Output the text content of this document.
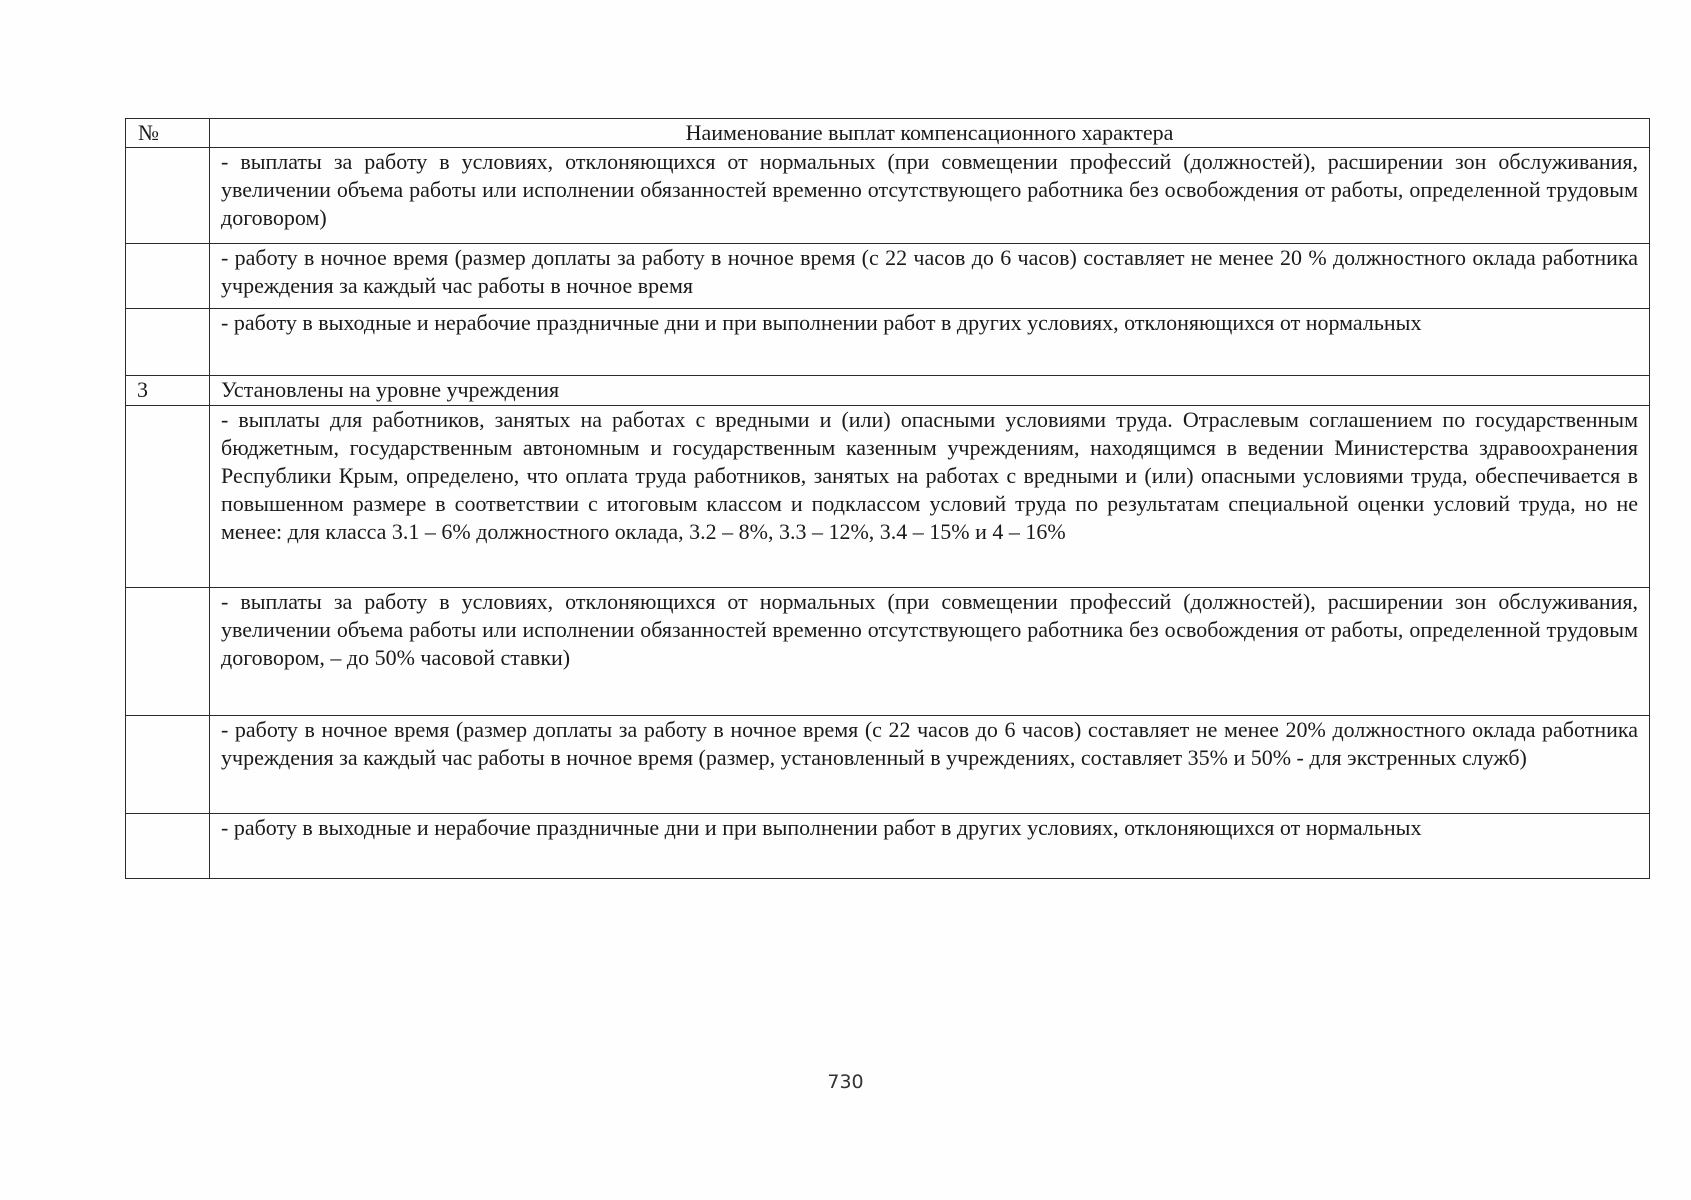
№	Наименование выплат компенсационного характера
	- выплаты за работу в условиях, отклоняющихся от нормальных (при совмещении профессий (должностей), расширении зон обслуживания, увеличении объема работы или исполнении обязанностей временно отсутствующего работника без освобождения от работы, определенной трудовым договором)
	- работу в ночное время (размер доплаты за работу в ночное время (с 22 часов до 6 часов) составляет не менее 20 % должностного оклада работника учреждения за каждый час работы в ночное время
	- работу в выходные и нерабочие праздничные дни и при выполнении работ в других условиях, отклоняющихся от нормальных
3	Установлены на уровне учреждения
	- выплаты для работников, занятых на работах с вредными и (или) опасными условиями труда. Отраслевым соглашением по государственным бюджетным, государственным автономным и государственным казенным учреждениям, находящимся в ведении Министерства здравоохранения Республики Крым, определено, что оплата труда работников, занятых на работах с вредными и (или) опасными условиями труда, обеспечивается в повышенном размере в соответствии с итоговым классом и подклассом условий труда по результатам специальной оценки условий труда, но не менее: для класса 3.1 – 6% должностного оклада, 3.2 – 8%, 3.3 – 12%, 3.4 – 15% и 4 – 16%
	- выплаты за работу в условиях, отклоняющихся от нормальных (при совмещении профессий (должностей), расширении зон обслуживания, увеличении объема работы или исполнении обязанностей временно отсутствующего работника без освобождения от работы, определенной трудовым договором, – до 50% часовой ставки)
	- работу в ночное время (размер доплаты за работу в ночное время (с 22 часов до 6 часов) составляет не менее 20% должностного оклада работника учреждения за каждый час работы в ночное время (размер, установленный в учреждениях, составляет 35% и 50% - для экстренных служб)
	- работу в выходные и нерабочие праздничные дни и при выполнении работ в других условиях, отклоняющихся от нормальных
730
